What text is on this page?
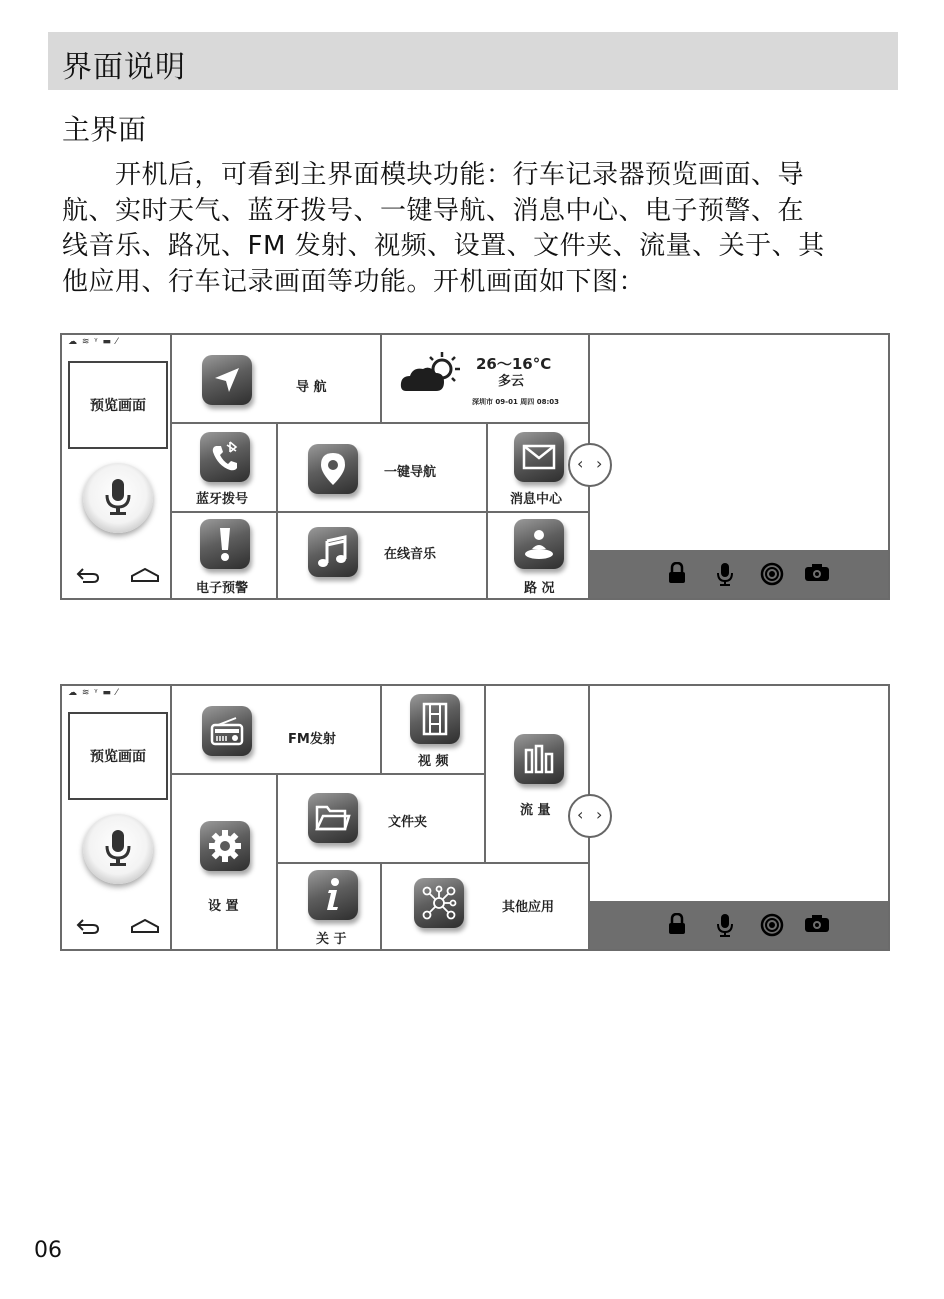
界面说明
主界面
　　开机后，可看到主界面模块功能：行车记录器预览画面、导
航、实时天气、蓝牙拨号、一键导航、消息中心、电子预警、在
线音乐、路况、FM 发射、视频、设置、文件夹、流量、关于、其
他应用、行车记录画面等功能。开机画面如下图：
☁ ≋ ᵞ ▬ ⁄
预览画面
导 航
26～16°C
多云
深圳市 09-01 周四 08:03
蓝牙拨号
一键导航
消息中心
电子预警
在线音乐
路 况
‹ ›
☁ ≋ ᵞ ▬ ⁄
预览画面
FM发射
视 频
流 量
设 置
文件夹
关 于
其他应用
‹ ›
06
